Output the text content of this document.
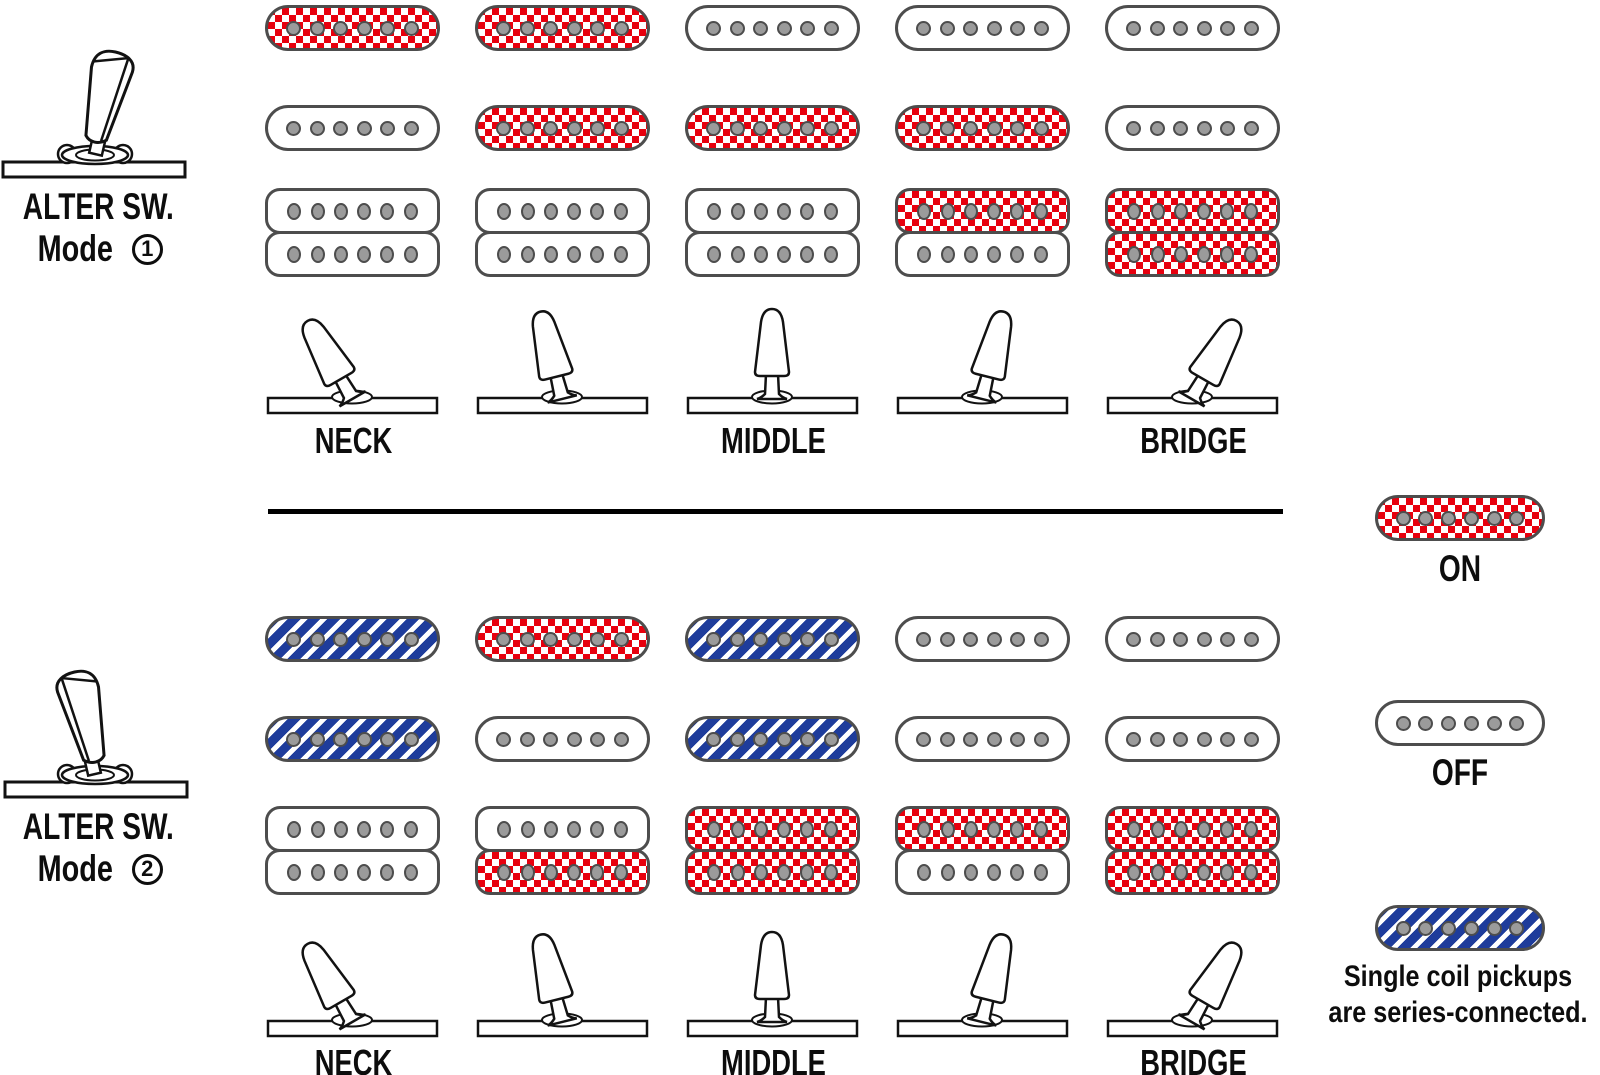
ALTER SW.
Mode	1
ALTER SW.
Mode	2
ON
OFF
Single coil pickups
are series-connected.
NECK	MIDDLE	BRIDGE
NECK	MIDDLE	BRIDGE
